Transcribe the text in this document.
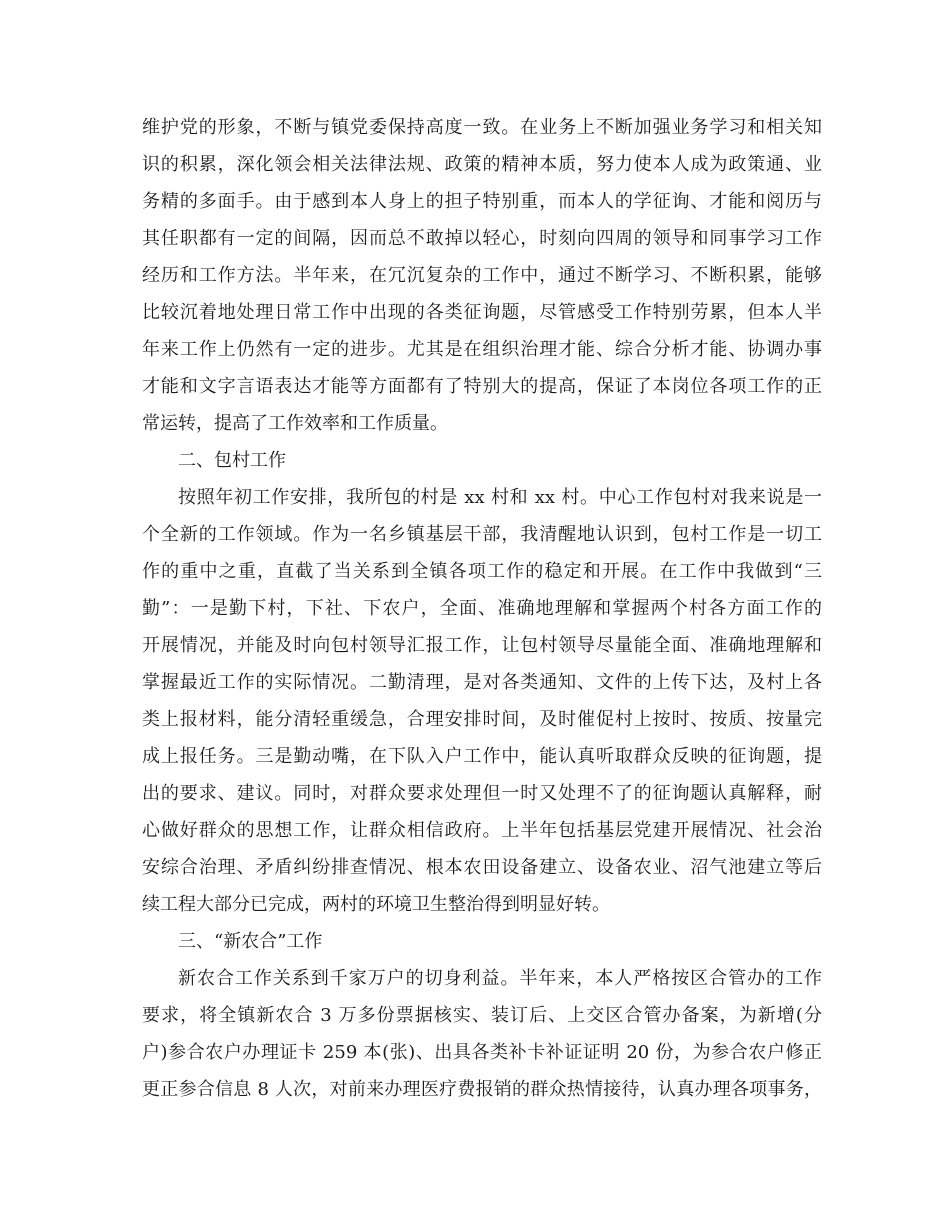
维护党的形象，不断与镇党委保持高度一致。在业务上不断加强业务学习和相关知
识的积累，深化领会相关法律法规、政策的精神本质，努力使本人成为政策通、业
务精的多面手。由于感到本人身上的担子特别重，而本人的学征询、才能和阅历与
其任职都有一定的间隔，因而总不敢掉以轻心，时刻向四周的领导和同事学习工作
经历和工作方法。半年来，在冗沉复杂的工作中，通过不断学习、不断积累，能够
比较沉着地处理日常工作中出现的各类征询题，尽管感受工作特别劳累，但本人半
年来工作上仍然有一定的进步。尤其是在组织治理才能、综合分析才能、协调办事
才能和文字言语表达才能等方面都有了特别大的提高，保证了本岗位各项工作的正
常运转，提高了工作效率和工作质量。
二、包村工作
按照年初工作安排，我所包的村是 xx 村和 xx 村。中心工作包村对我来说是一
个全新的工作领域。作为一名乡镇基层干部，我清醒地认识到，包村工作是一切工
作的重中之重，直截了当关系到全镇各项工作的稳定和开展。在工作中我做到“三
勤”：一是勤下村，下社、下农户，全面、准确地理解和掌握两个村各方面工作的
开展情况，并能及时向包村领导汇报工作，让包村领导尽量能全面、准确地理解和
掌握最近工作的实际情况。二勤清理，是对各类通知、文件的上传下达，及村上各
类上报材料，能分清轻重缓急，合理安排时间，及时催促村上按时、按质、按量完
成上报任务。三是勤动嘴，在下队入户工作中，能认真听取群众反映的征询题，提
出的要求、建议。同时，对群众要求处理但一时又处理不了的征询题认真解释，耐
心做好群众的思想工作，让群众相信政府。上半年包括基层党建开展情况、社会治
安综合治理、矛盾纠纷排查情况、根本农田设备建立、设备农业、沼气池建立等后
续工程大部分已完成，两村的环境卫生整治得到明显好转。
三、“新农合”工作
新农合工作关系到千家万户的切身利益。半年来，本人严格按区合管办的工作
要求，将全镇新农合 3 万多份票据核实、装订后、上交区合管办备案，为新增(分
户)参合农户办理证卡 259 本(张)、出具各类补卡补证证明 20 份，为参合农户修正
更正参合信息 8 人次，对前来办理医疗费报销的群众热情接待，认真办理各项事务，
